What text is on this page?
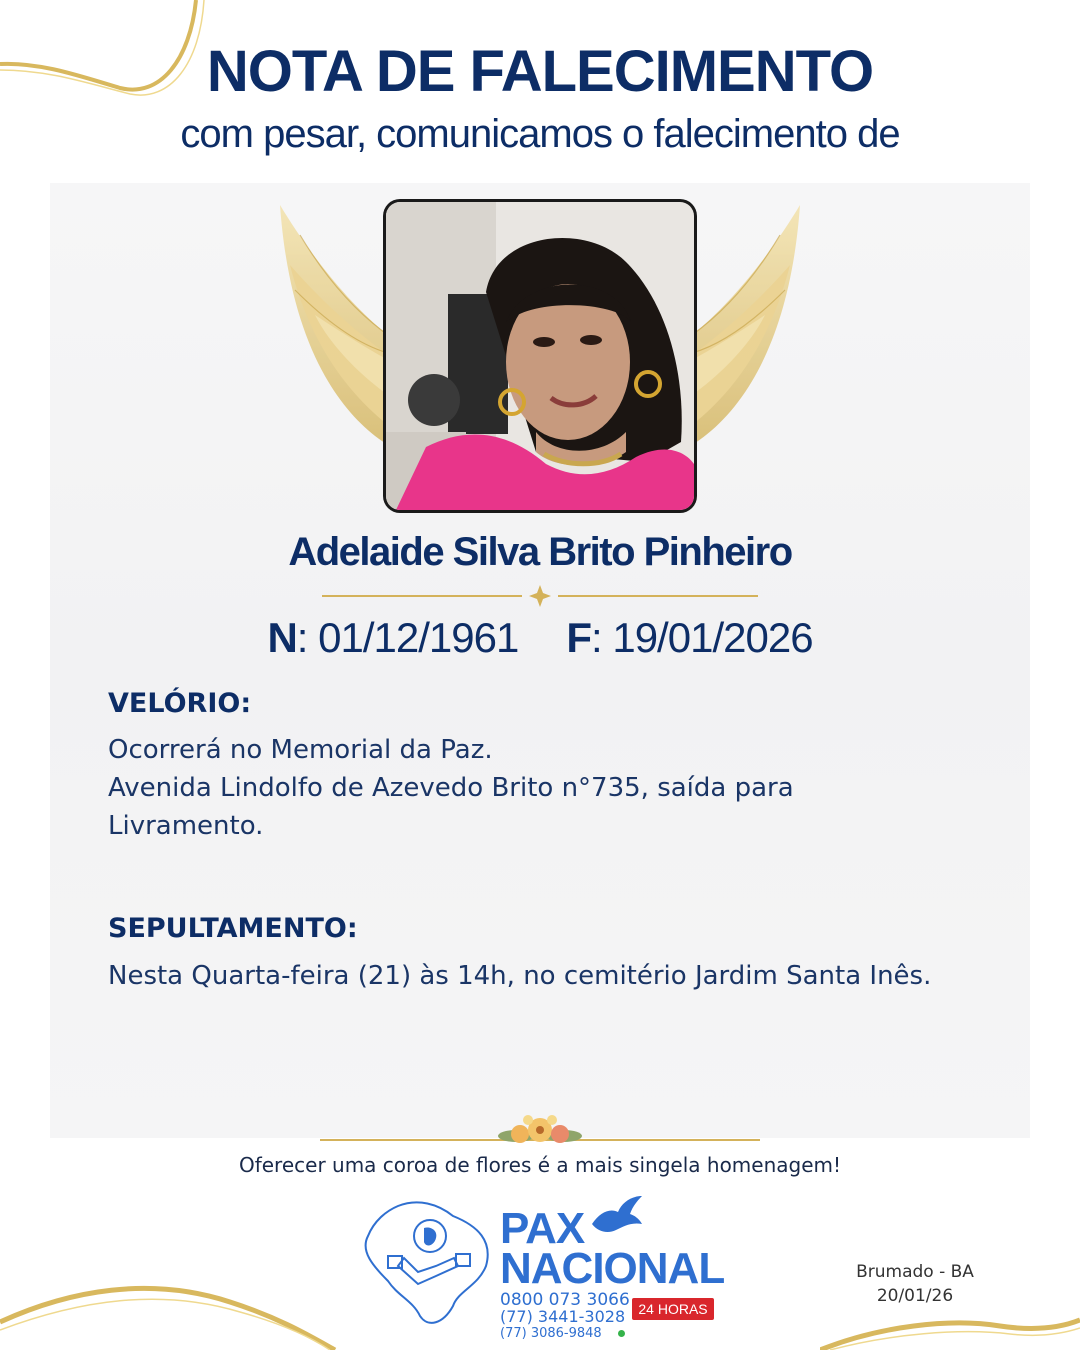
NOTA DE FALECIMENTO
com pesar, comunicamos o falecimento de
Adelaide Silva Brito Pinheiro
N: 01/12/1961 F: 19/01/2026
VELÓRIO:
Ocorrerá no Memorial da Paz.
Avenida Lindolfo de Azevedo Brito n°735, saída para
Livramento.
SEPULTAMENTO:
Nesta Quarta-feira (21) às 14h, no cemitério Jardim Santa Inês.
Oferecer uma coroa de flores é a mais singela homenagem!
PAX
NACIONAL
0800 073 3066 24 HORAS
(77) 3441-3028
(77) 3086-9848
Brumado - BA
20/01/26
